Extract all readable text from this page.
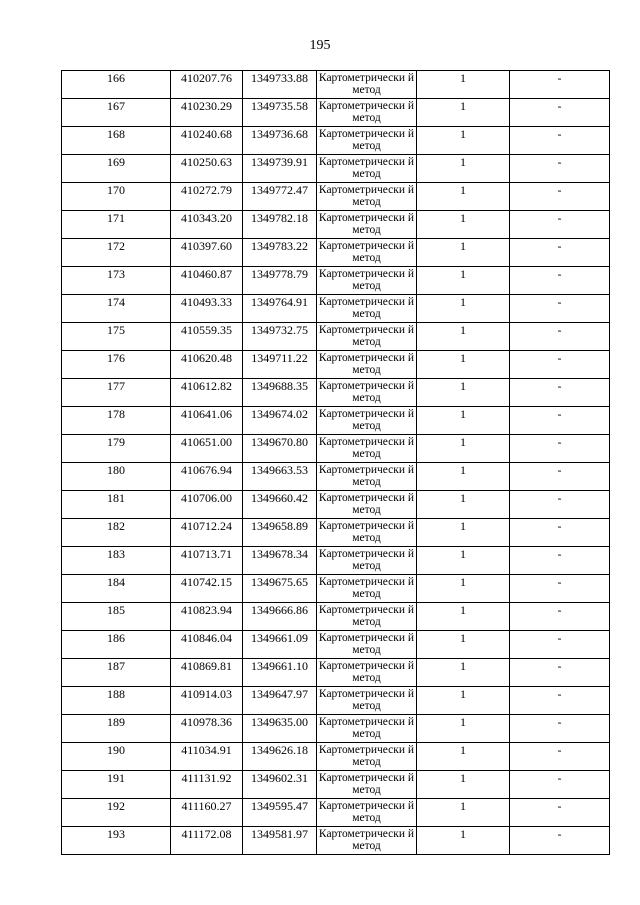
195
166	410207.76	1349733.88	Картометрически й метод	1	-
167	410230.29	1349735.58	Картометрически й метод	1	-
168	410240.68	1349736.68	Картометрически й метод	1	-
169	410250.63	1349739.91	Картометрически й метод	1	-
170	410272.79	1349772.47	Картометрически й метод	1	-
171	410343.20	1349782.18	Картометрически й метод	1	-
172	410397.60	1349783.22	Картометрически й метод	1	-
173	410460.87	1349778.79	Картометрически й метод	1	-
174	410493.33	1349764.91	Картометрически й метод	1	-
175	410559.35	1349732.75	Картометрически й метод	1	-
176	410620.48	1349711.22	Картометрически й метод	1	-
177	410612.82	1349688.35	Картометрически й метод	1	-
178	410641.06	1349674.02	Картометрически й метод	1	-
179	410651.00	1349670.80	Картометрически й метод	1	-
180	410676.94	1349663.53	Картометрически й метод	1	-
181	410706.00	1349660.42	Картометрически й метод	1	-
182	410712.24	1349658.89	Картометрически й метод	1	-
183	410713.71	1349678.34	Картометрически й метод	1	-
184	410742.15	1349675.65	Картометрически й метод	1	-
185	410823.94	1349666.86	Картометрически й метод	1	-
186	410846.04	1349661.09	Картометрически й метод	1	-
187	410869.81	1349661.10	Картометрически й метод	1	-
188	410914.03	1349647.97	Картометрически й метод	1	-
189	410978.36	1349635.00	Картометрически й метод	1	-
190	411034.91	1349626.18	Картометрически й метод	1	-
191	411131.92	1349602.31	Картометрически й метод	1	-
192	411160.27	1349595.47	Картометрически й метод	1	-
193	411172.08	1349581.97	Картометрически й метод	1	-
